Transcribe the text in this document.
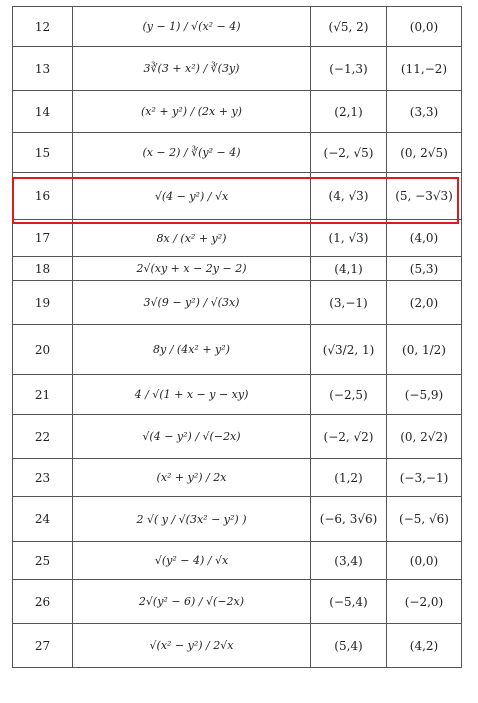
12	(y − 1) / √(x² − 4)	(√5, 2)	(0,0)
13	3∛(3 + x²) / ∛(3y)	(−1,3)	(11,−2)
14	(x² + y²) / (2x + y)	(2,1)	(3,3)
15	(x − 2) / ∛(y² − 4)	(−2, √5)	(0, 2√5)
16	√(4 − y²) / √x	(4, √3)	(5, −3√3)
17	8x / (x² + y²)	(1, √3)	(4,0)
18	2√(xy + x − 2y − 2)	(4,1)	(5,3)
19	3√(9 − y²) / √(3x)	(3,−1)	(2,0)
20	8y / (4x² + y²)	(√3/2, 1)	(0, 1/2)
21	4 / √(1 + x − y − xy)	(−2,5)	(−5,9)
22	√(4 − y²) / √(−2x)	(−2, √2)	(0, 2√2)
23	(x² + y²) / 2x	(1,2)	(−3,−1)
24	2 √( y / √(3x² − y²) )	(−6, 3√6)	(−5, √6)
25	√(y² − 4) / √x	(3,4)	(0,0)
26	2√(y² − 6) / √(−2x)	(−5,4)	(−2,0)
27	√(x² − y²) / 2√x	(5,4)	(4,2)
